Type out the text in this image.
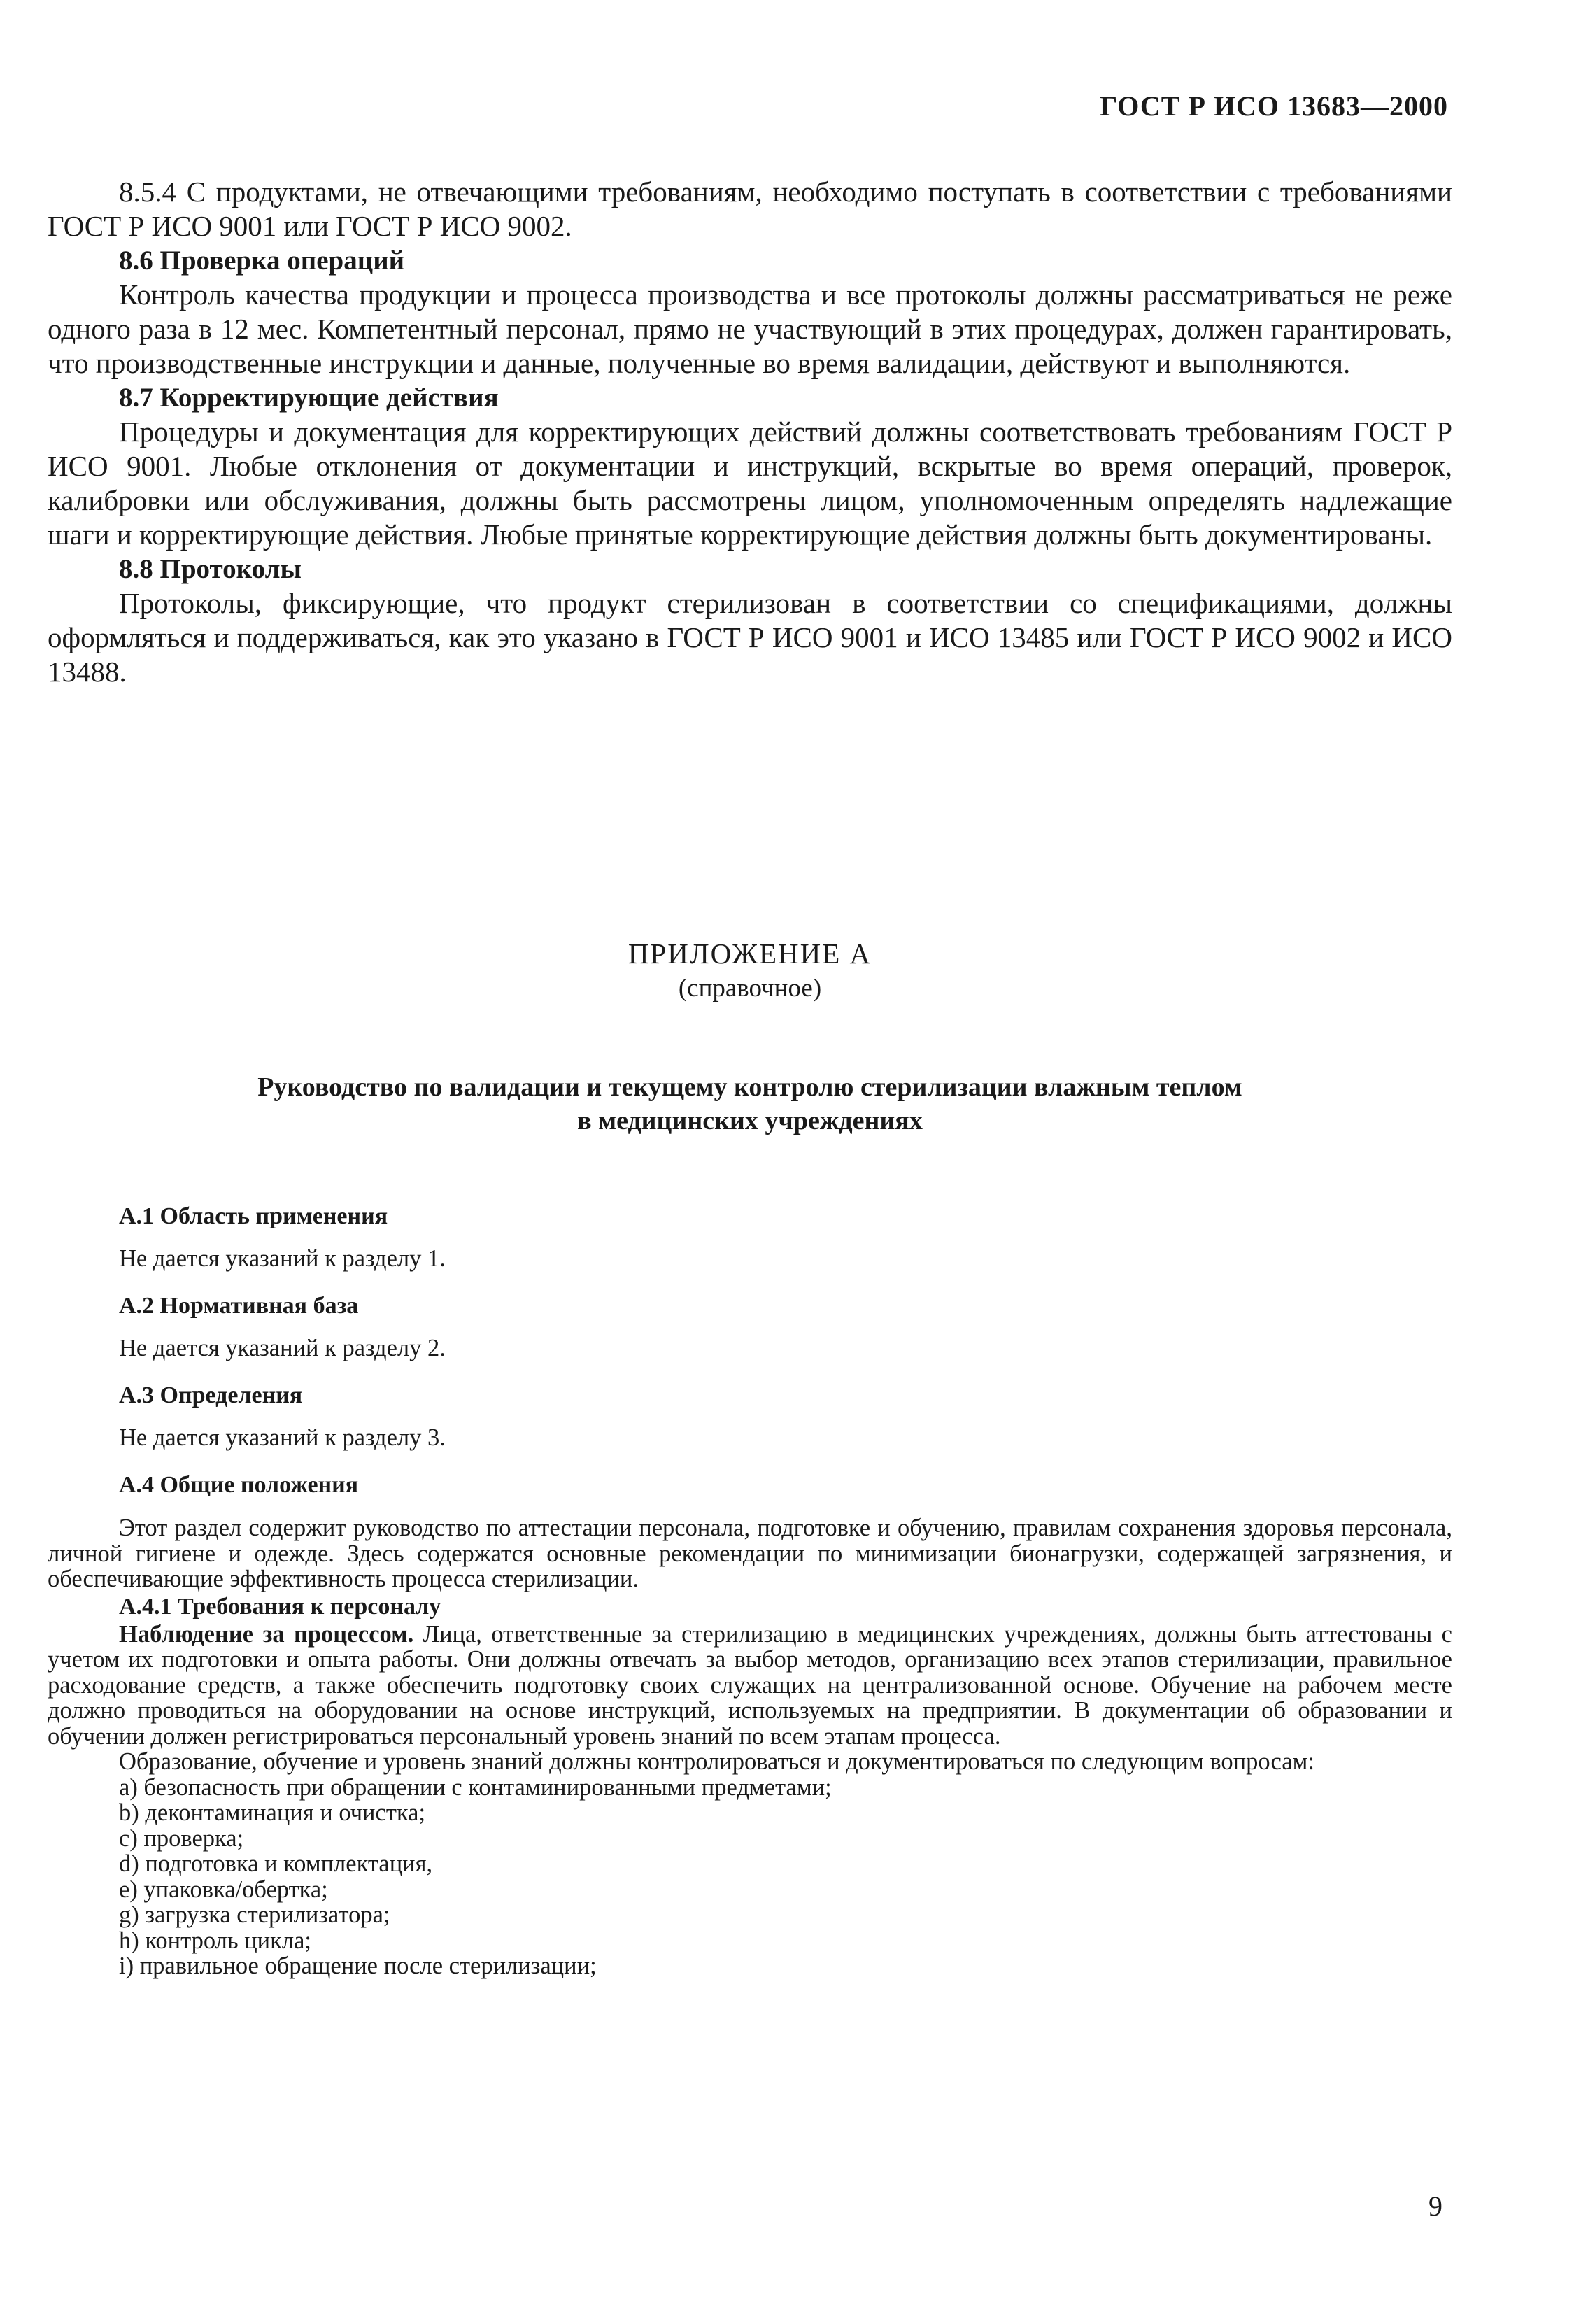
ГОСТ Р ИСО 13683—2000

8.5.4 С продуктами, не отвечающими требованиям, необходимо поступать в соответствии с требованиями ГОСТ Р ИСО 9001 или ГОСТ Р ИСО 9002.

8.6 Проверка операций

Контроль качества продукции и процесса производства и все протоколы должны рассматриваться не реже одного раза в 12 мес. Компетентный персонал, прямо не участвующий в этих процедурах, должен гарантировать, что производственные инструкции и данные, полученные во время валидации, действуют и выполняются.

8.7 Корректирующие действия

Процедуры и документация для корректирующих действий должны соответствовать требованиям ГОСТ Р ИСО 9001. Любые отклонения от документации и инструкций, вскрытые во время операций, проверок, калибровки или обслуживания, должны быть рассмотрены лицом, уполномоченным определять надлежащие шаги и корректирующие действия. Любые принятые корректирующие действия должны быть документированы.

8.8 Протоколы

Протоколы, фиксирующие, что продукт стерилизован в соответствии со спецификациями, должны оформляться и поддерживаться, как это указано в ГОСТ Р ИСО 9001 и ИСО 13485 или ГОСТ Р ИСО 9002 и ИСО 13488.

ПРИЛОЖЕНИЕ А
(справочное)
Руководство по валидации и текущему контролю стерилизации влажным теплом
в медицинских учреждениях
А.1 Область применения

Не дается указаний к разделу 1.

А.2 Нормативная база

Не дается указаний к разделу 2.

А.3 Определения

Не дается указаний к разделу 3.

А.4 Общие положения

Этот раздел содержит руководство по аттестации персонала, подготовке и обучению, правилам сохранения здоровья персонала, личной гигиене и одежде. Здесь содержатся основные рекомендации по минимизации бионагрузки, содержащей загрязнения, и обеспечивающие эффективность процесса стерилизации.

А.4.1 Требования к персоналу

Наблюдение за процессом. Лица, ответственные за стерилизацию в медицинских учреждениях, должны быть аттестованы с учетом их подготовки и опыта работы. Они должны отвечать за выбор методов, организацию всех этапов стерилизации, правильное расходование средств, а также обеспечить подготовку своих служащих на централизованной основе. Обучение на рабочем месте должно проводиться на оборудовании на основе инструкций, используемых на предприятии. В документации об образовании и обучении должен регистрироваться персональный уровень знаний по всем этапам процесса.

Образование, обучение и уровень знаний должны контролироваться и документироваться по следующим вопросам:

а) безопасность при обращении с контаминированными предметами;
b) деконтаминация и очистка;
c) проверка;
d) подготовка и комплектация,
e) упаковка/обертка;
g) загрузка стерилизатора;
h) контроль цикла;
i) правильное обращение после стерилизации;
9
